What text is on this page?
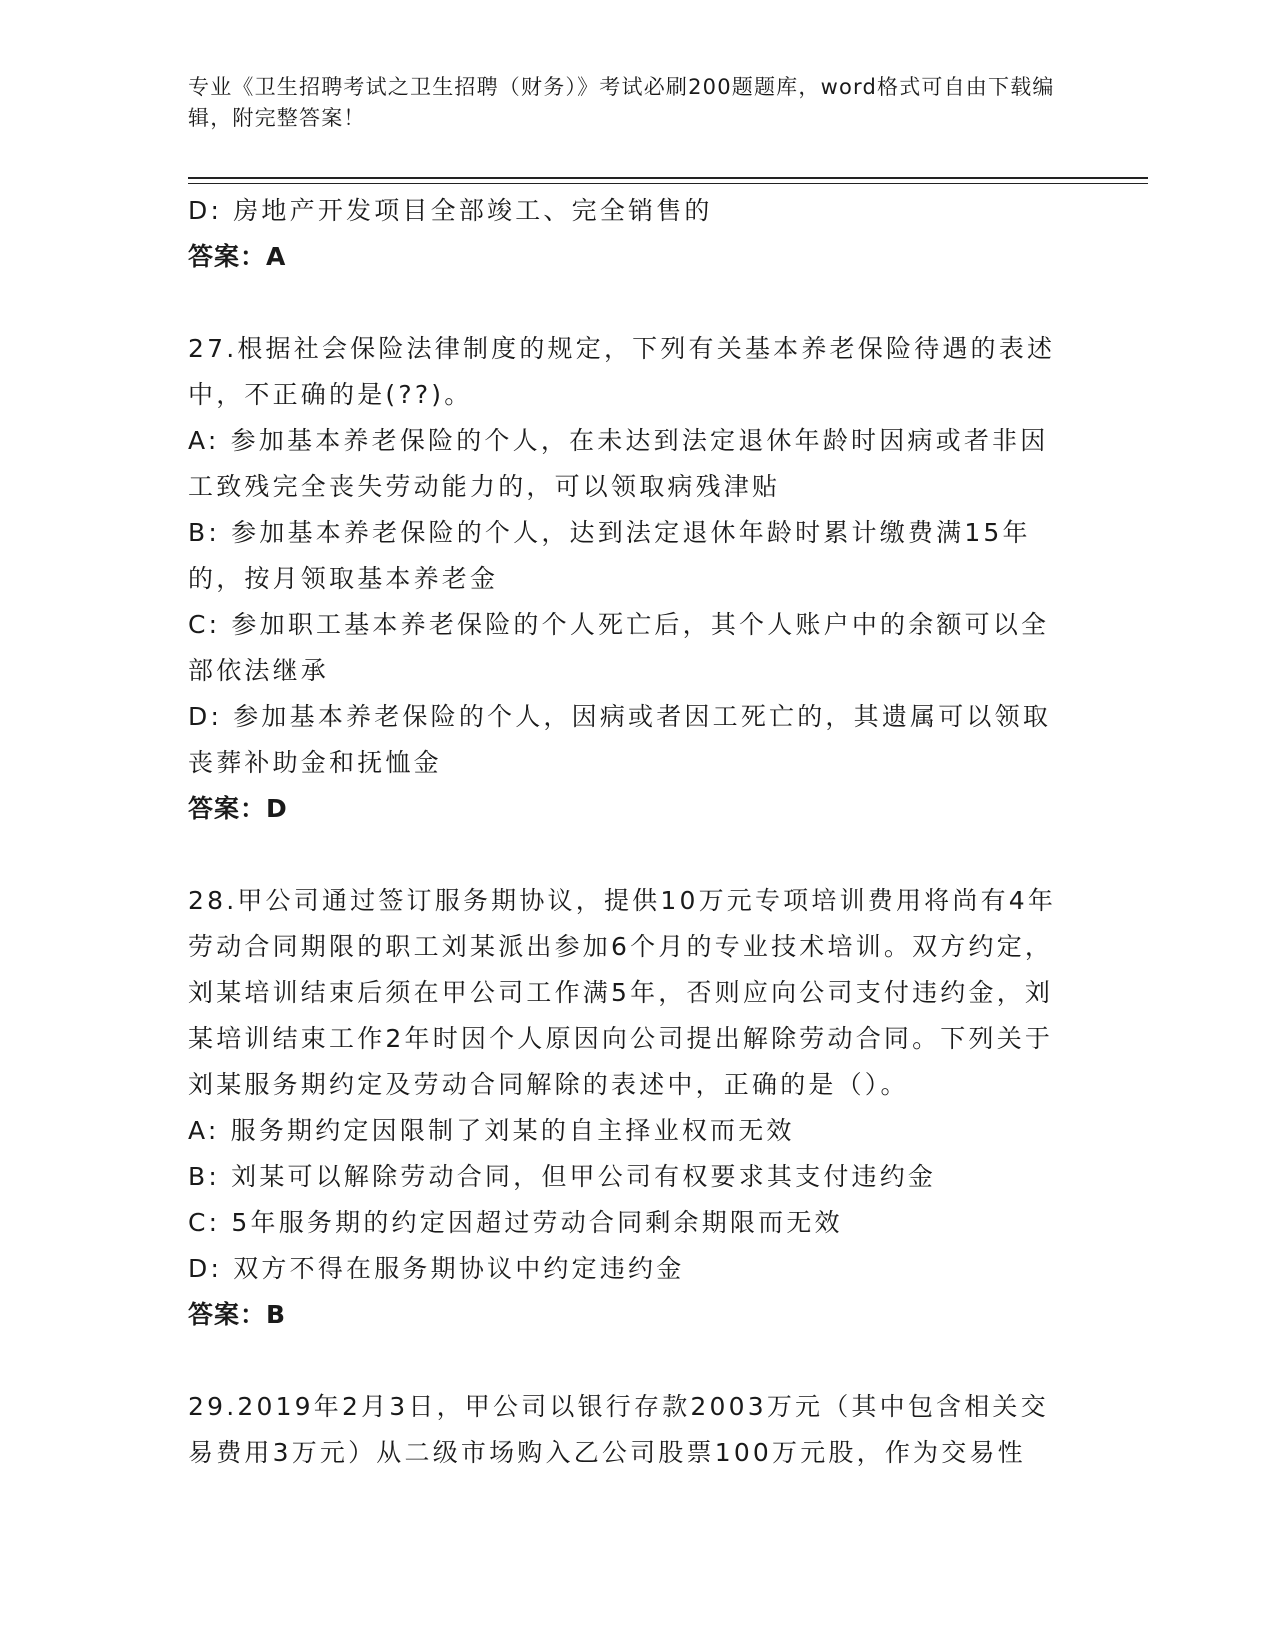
专业《卫生招聘考试之卫生招聘（财务）》考试必刷200题题库，word格式可自由下载编辑，附完整答案！

D: 房地产开发项目全部竣工、完全销售的

答案：A

27.根据社会保险法律制度的规定，下列有关基本养老保险待遇的表述中，不正确的是(??)。

A: 参加基本养老保险的个人，在未达到法定退休年龄时因病或者非因工致残完全丧失劳动能力的，可以领取病残津贴

B: 参加基本养老保险的个人，达到法定退休年龄时累计缴费满15年的，按月领取基本养老金

C: 参加职工基本养老保险的个人死亡后，其个人账户中的余额可以全部依法继承

D: 参加基本养老保险的个人，因病或者因工死亡的，其遗属可以领取丧葬补助金和抚恤金

答案：D

28.甲公司通过签订服务期协议，提供10万元专项培训费用将尚有4年劳动合同期限的职工刘某派出参加6个月的专业技术培训。双方约定，刘某培训结束后须在甲公司工作满5年，否则应向公司支付违约金，刘某培训结束工作2年时因个人原因向公司提出解除劳动合同。下列关于刘某服务期约定及劳动合同解除的表述中，正确的是（）。

A: 服务期约定因限制了刘某的自主择业权而无效

B: 刘某可以解除劳动合同，但甲公司有权要求其支付违约金

C: 5年服务期的约定因超过劳动合同剩余期限而无效

D: 双方不得在服务期协议中约定违约金

答案：B

29.2019年2月3日，甲公司以银行存款2003万元（其中包含相关交易费用3万元）从二级市场购入乙公司股票100万元股，作为交易性
